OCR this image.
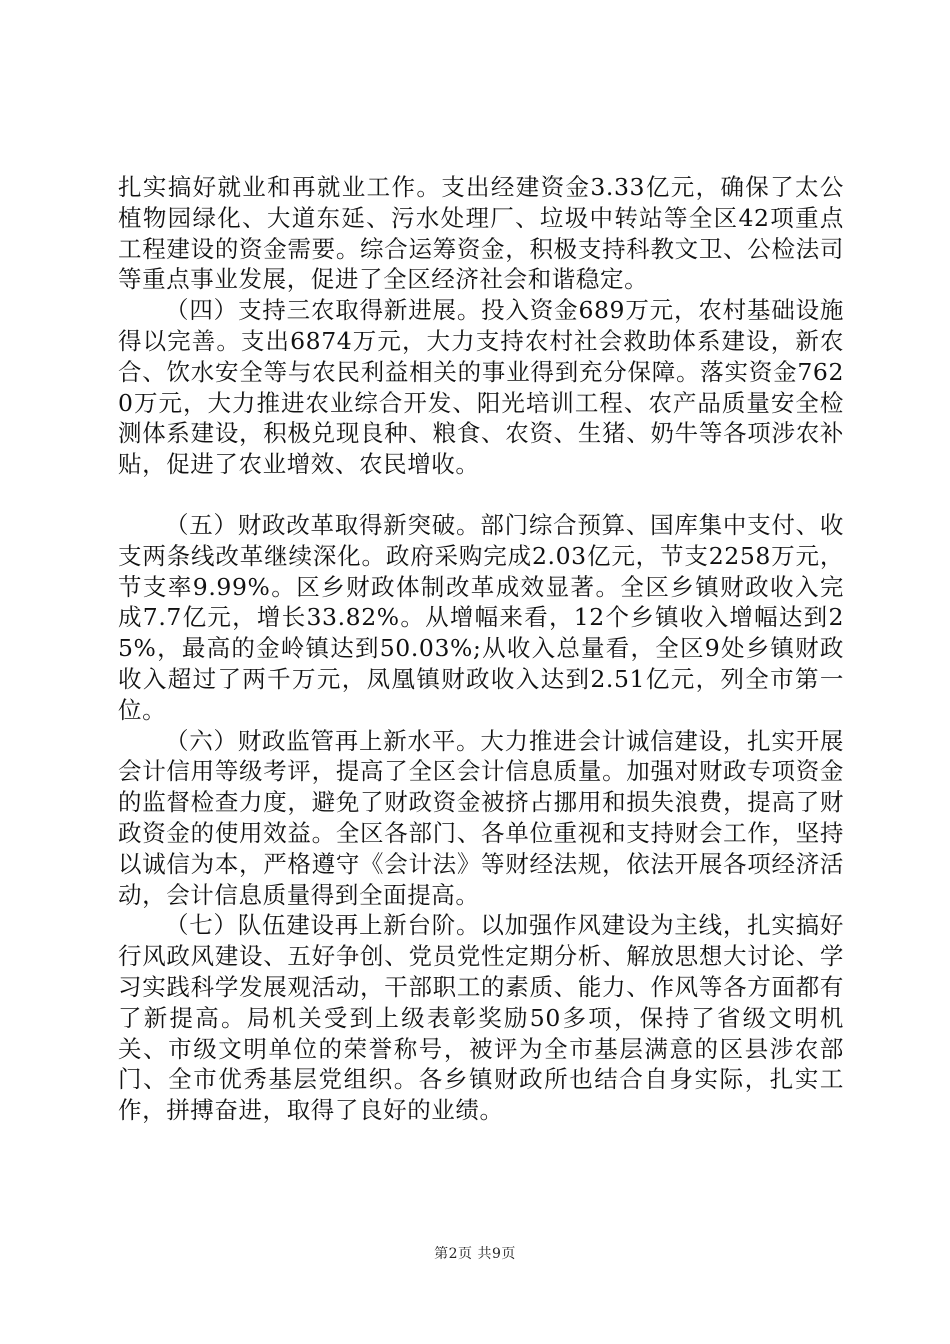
扎实搞好就业和再就业工作。支出经建资金3.33亿元，确保了太公植物园绿化、大道东延、污水处理厂、垃圾中转站等全区42项重点工程建设的资金需要。综合运筹资金，积极支持科教文卫、公检法司等重点事业发展，促进了全区经济社会和谐稳定。

（四）支持三农取得新进展。投入资金689万元，农村基础设施得以完善。支出6874万元，大力支持农村社会救助体系建设，新农合、饮水安全等与农民利益相关的事业得到充分保障。落实资金7620万元，大力推进农业综合开发、阳光培训工程、农产品质量安全检测体系建设，积极兑现良种、粮食、农资、生猪、奶牛等各项涉农补贴，促进了农业增效、农民增收。

（五）财政改革取得新突破。部门综合预算、国库集中支付、收支两条线改革继续深化。政府采购完成2.03亿元，节支2258万元，节支率9.99%。区乡财政体制改革成效显著。全区乡镇财政收入完成7.7亿元，增长33.82%。从增幅来看，12个乡镇收入增幅达到25%，最高的金岭镇达到50.03%;从收入总量看，全区9处乡镇财政收入超过了两千万元，凤凰镇财政收入达到2.51亿元，列全市第一位。

（六）财政监管再上新水平。大力推进会计诚信建设，扎实开展会计信用等级考评，提高了全区会计信息质量。加强对财政专项资金的监督检查力度，避免了财政资金被挤占挪用和损失浪费，提高了财政资金的使用效益。全区各部门、各单位重视和支持财会工作，坚持以诚信为本，严格遵守《会计法》等财经法规，依法开展各项经济活动，会计信息质量得到全面提高。

（七）队伍建设再上新台阶。以加强作风建设为主线，扎实搞好行风政风建设、五好争创、党员党性定期分析、解放思想大讨论、学习实践科学发展观活动，干部职工的素质、能力、作风等各方面都有了新提高。局机关受到上级表彰奖励50多项，保持了省级文明机关、市级文明单位的荣誉称号，被评为全市基层满意的区县涉农部门、全市优秀基层党组织。各乡镇财政所也结合自身实际，扎实工作，拼搏奋进，取得了良好的业绩。

第2页 共9页
